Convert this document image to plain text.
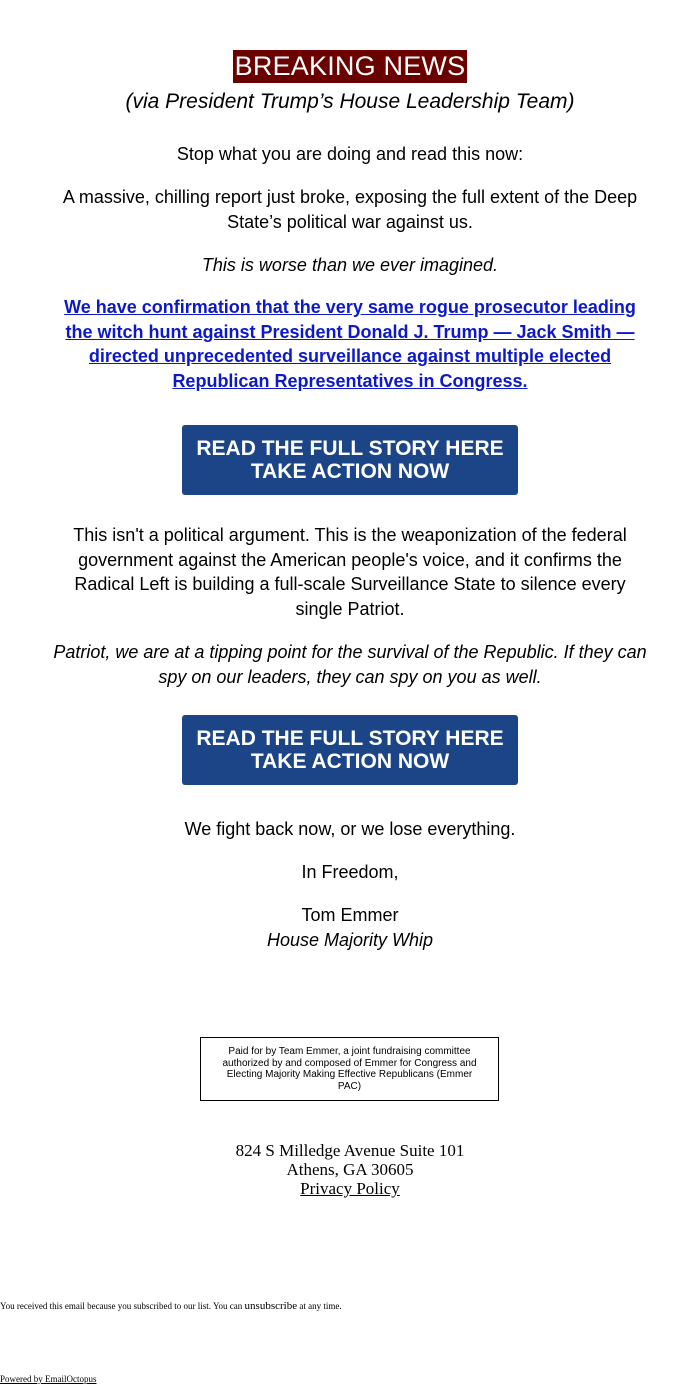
BREAKING NEWS
(via President Trump’s House Leadership Team)
Stop what you are doing and read this now:
A massive, chilling report just broke, exposing the full extent of the Deep State’s political war against us.
This is worse than we ever imagined.
We have confirmation that the very same rogue prosecutor leading the witch hunt against President Donald J. Trump — Jack Smith — directed unprecedented surveillance against multiple elected Republican Representatives in Congress.
READ THE FULL STORY HERE
TAKE ACTION NOW
This isn't a political argument. This is the weaponization of the federal government against the American people's voice, and it confirms the Radical Left is building a full-scale Surveillance State to silence every single Patriot.
Patriot, we are at a tipping point for the survival of the Republic. If they can spy on our leaders, they can spy on you as well.
READ THE FULL STORY HERE
TAKE ACTION NOW
We fight back now, or we lose everything.
In Freedom,
Tom Emmer
House Majority Whip
Paid for by Team Emmer, a joint fundraising committee authorized by and composed of Emmer for Congress and Electing Majority Making Effective Republicans (Emmer PAC)
824 S Milledge Avenue Suite 101
Athens, GA 30605
Privacy Policy
You received this email because you subscribed to our list. You can unsubscribe at any time.
Powered by EmailOctopus
